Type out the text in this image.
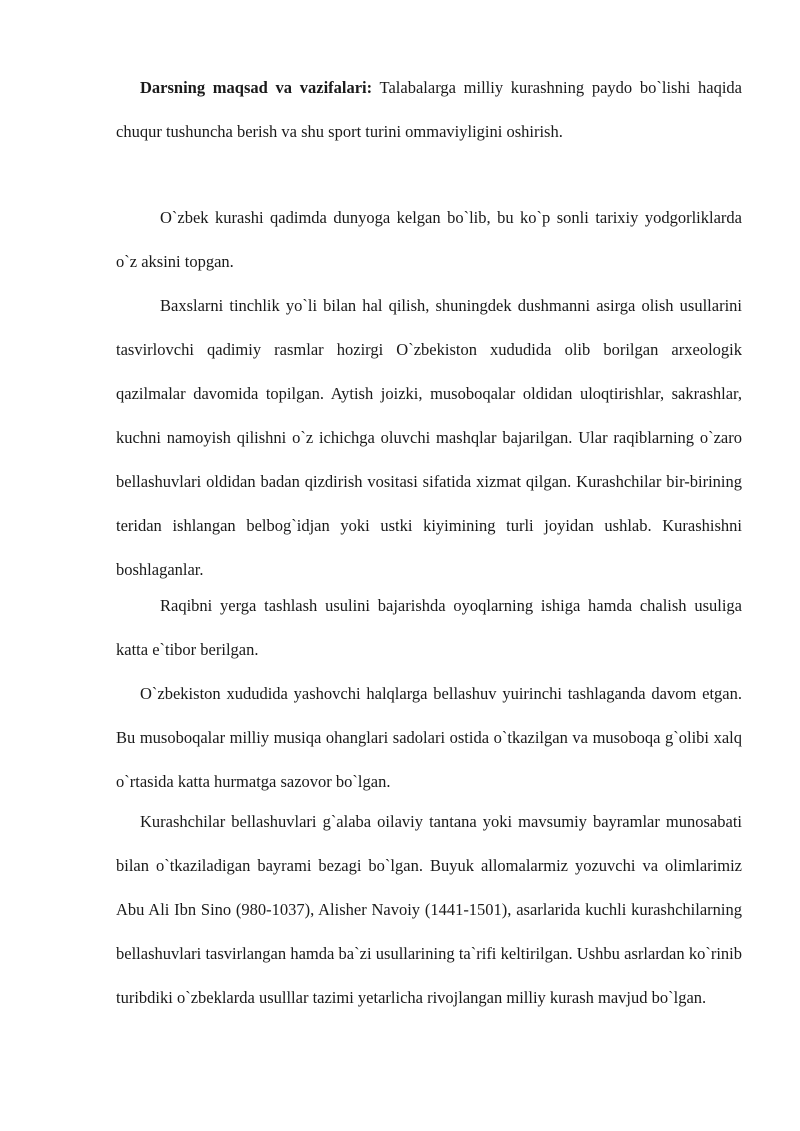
Darsning maqsad va vazifalari: Talabalarga milliy kurashning paydo bo`lishi haqida chuqur tushuncha berish va shu sport turini ommaviyligini oshirish.

O`zbek kurashi qadimda dunyoga kelgan bo`lib, bu ko`p sonli tarixiy yodgorliklarda o`z aksini topgan.

Baxslarni tinchlik yo`li bilan hal qilish, shuningdek dushmanni asirga olish usullarini tasvirlovchi qadimiy rasmlar hozirgi O`zbekiston xududida olib borilgan arxeologik qazilmalar davomida topilgan. Aytish joizki, musoboqalar oldidan uloqtirishlar, sakrashlar, kuchni namoyish qilishni o`z ichichga oluvchi mashqlar bajarilgan. Ular raqiblarning o`zaro bellashuvlari oldidan badan qizdirish vositasi sifatida xizmat qilgan. Kurashchilar bir-birining teridan ishlangan belbog`idjan yoki ustki kiyimining turli joyidan ushlab. Kurashishni boshlaganlar.

Raqibni yerga tashlash usulini bajarishda oyoqlarning ishiga hamda chalish usuliga katta e`tibor berilgan.

O`zbekiston xududida yashovchi halqlarga bellashuv yuirinchi tashlaganda davom etgan. Bu musoboqalar milliy musiqa ohanglari sadolari ostida o`tkazilgan va musoboqa g`olibi xalq o`rtasida katta hurmatga sazovor bo`lgan.

Kurashchilar bellashuvlari g`alaba oilaviy tantana yoki mavsumiy bayramlar munosabati bilan o`tkaziladigan bayrami bezagi bo`lgan. Buyuk allomalarmiz yozuvchi va olimlarimiz Abu Ali Ibn Sino (980-1037), Alisher Navoiy (1441-1501), asarlarida kuchli kurashchilarning bellashuvlari tasvirlangan hamda ba`zi usullarining ta`rifi keltirilgan. Ushbu asrlardan ko`rinib turibdiki o`zbeklarda usulllar tazimi yetarlicha rivojlangan milliy kurash mavjud bo`lgan.
